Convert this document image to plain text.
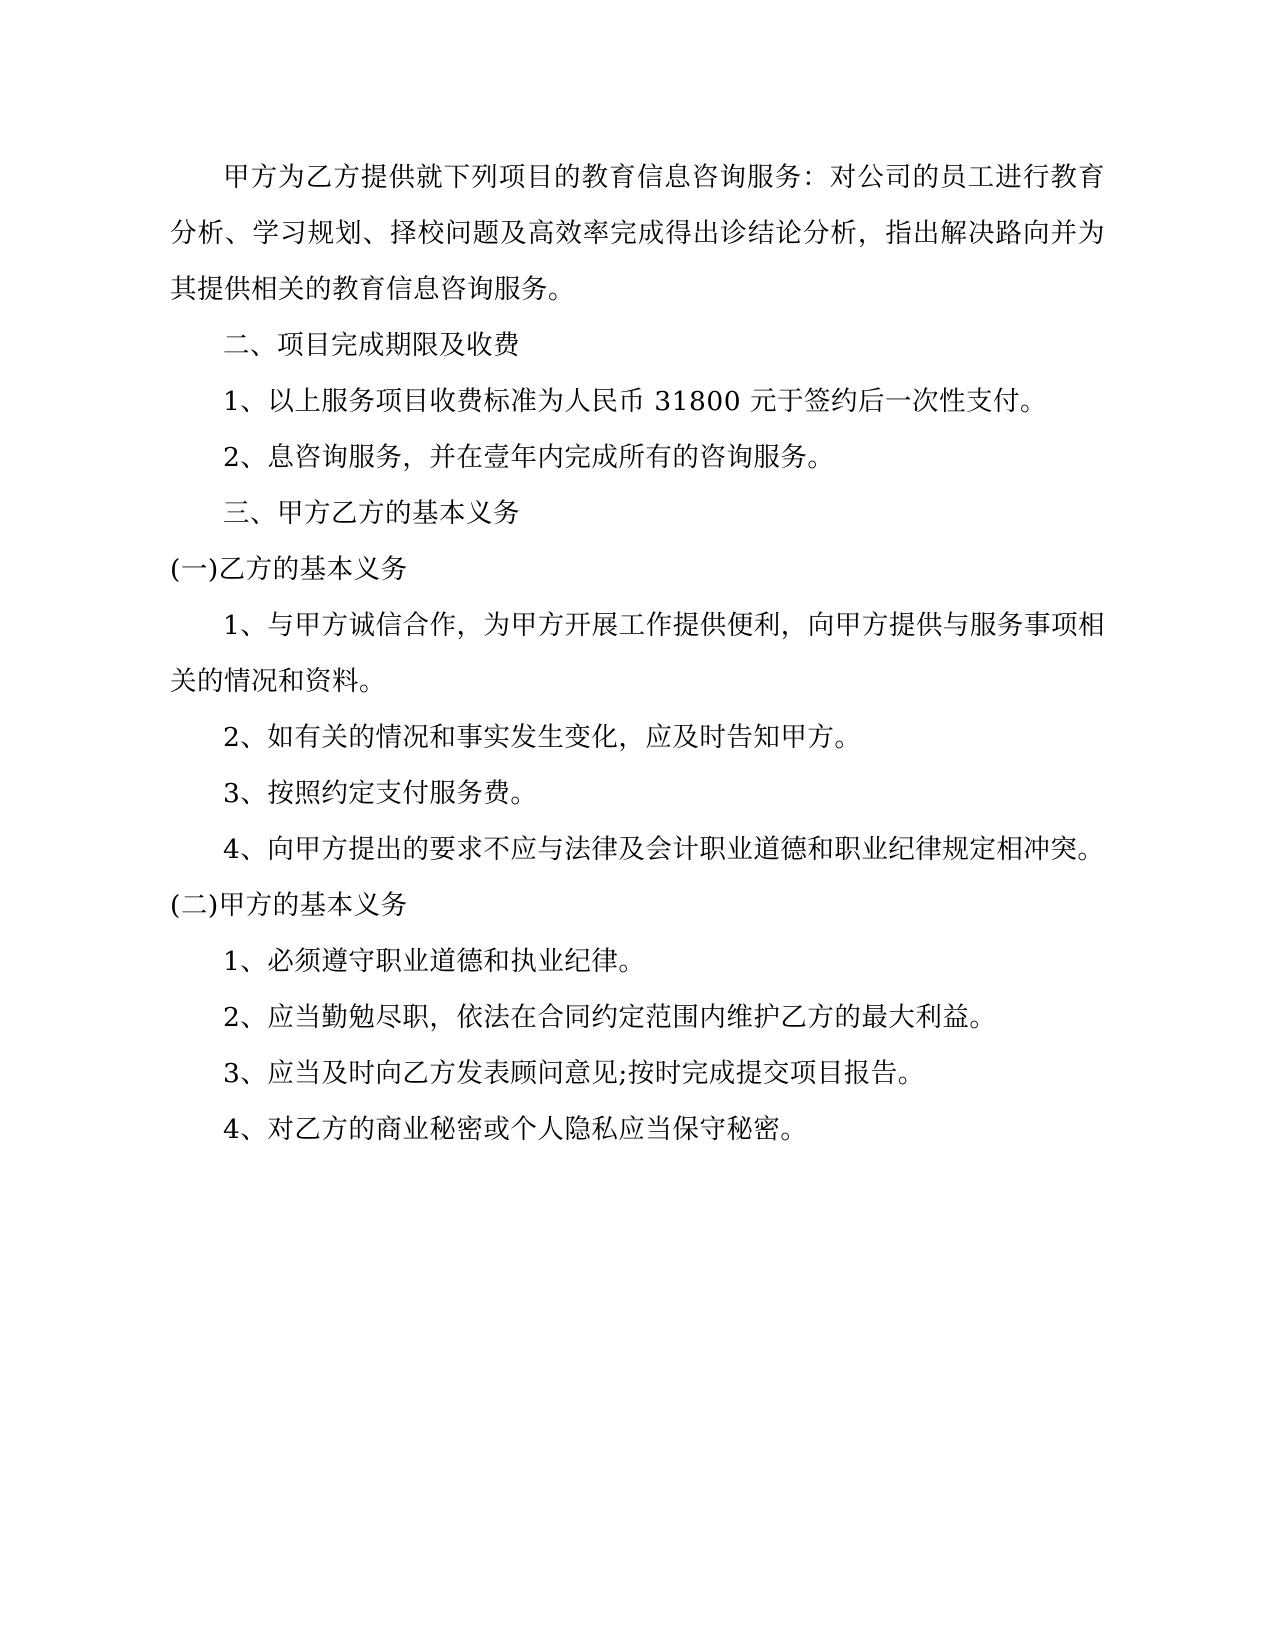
甲方为乙方提供就下列项目的教育信息咨询服务：对公司的员工进行教育分析、学习规划、择校问题及高效率完成得出诊结论分析，指出解决路向并为其提供相关的教育信息咨询服务。

二、项目完成期限及收费

1、以上服务项目收费标准为人民币 31800 元于签约后一次性支付。

2、息咨询服务，并在壹年内完成所有的咨询服务。

三、甲方乙方的基本义务

(一)乙方的基本义务

1、与甲方诚信合作，为甲方开展工作提供便利，向甲方提供与服务事项相关的情况和资料。

2、如有关的情况和事实发生变化，应及时告知甲方。

3、按照约定支付服务费。

4、向甲方提出的要求不应与法律及会计职业道德和职业纪律规定相冲突。

(二)甲方的基本义务

1、必须遵守职业道德和执业纪律。

2、应当勤勉尽职，依法在合同约定范围内维护乙方的最大利益。

3、应当及时向乙方发表顾问意见;按时完成提交项目报告。

4、对乙方的商业秘密或个人隐私应当保守秘密。
